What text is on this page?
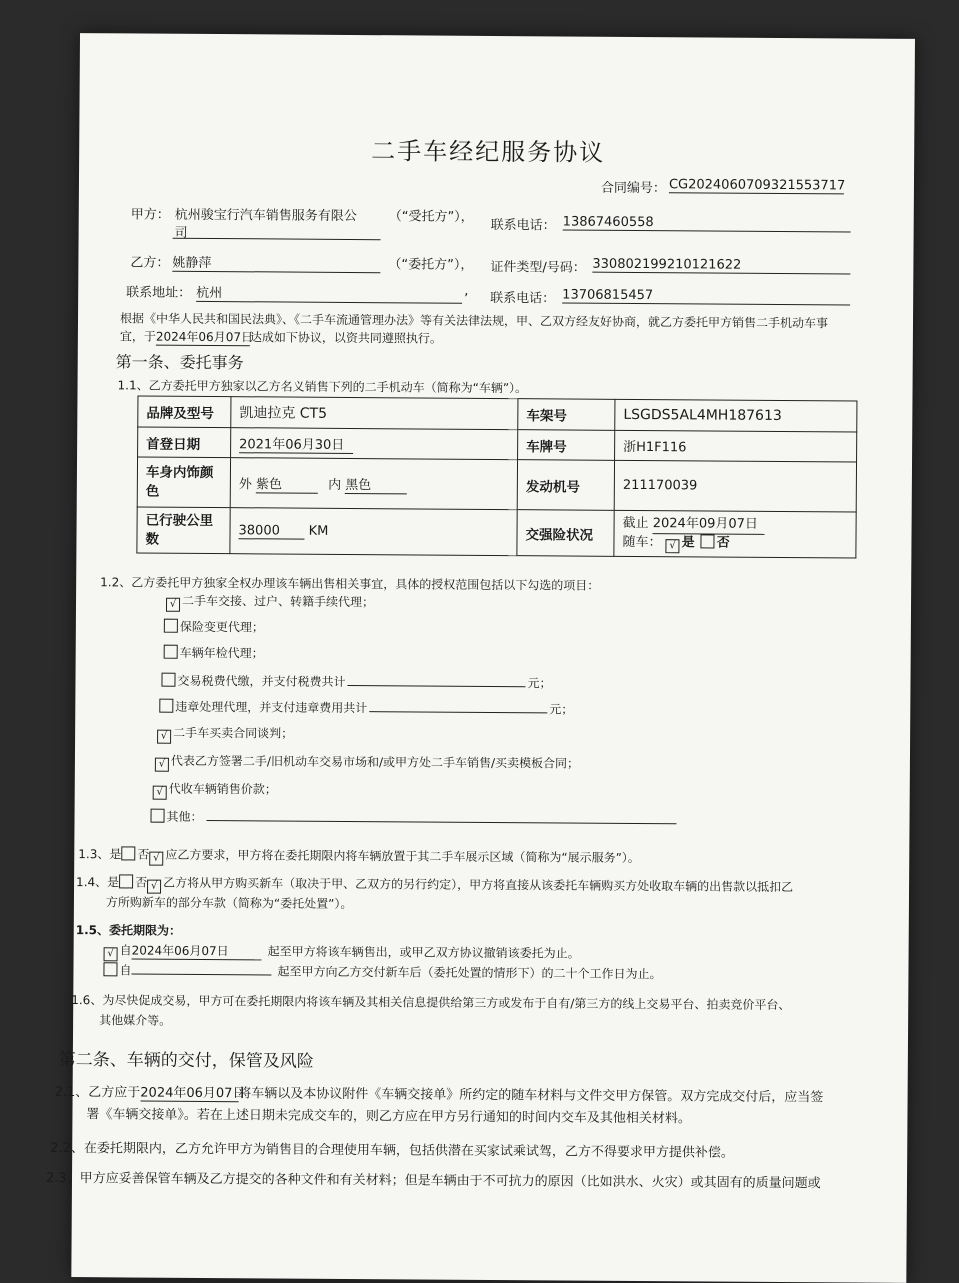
二手车经纪服务协议
合同编号： CG2024060709321553717
甲方： 杭州骏宝行汽车销售服务有限公
司
（“受托方”），
联系电话： 13867460558
乙方： 姚静萍	（“委托方”）， 证件类型/号码： 330802199210121622
联系地址： 杭州	, 联系电话： 13706815457
根据《中华人民共和国民法典》、《二手车流通管理办法》等有关法律法规，甲、乙双方经友好协商，就乙方委托甲方销售二手机动车事
宜，于2024年06月07日达成如下协议，以资共同遵照执行。
第一条、委托事务
1.1、乙方委托甲方独家以乙方名义销售下列的二手机动车（简称为“车辆”）。
品牌及型号	凯迪拉克 CT5	车架号	LSGDS5AL4MH187613
首登日期	2021年06月30日	车牌号	浙H1F116
车身内饰颜色	外 紫色 内 黑色	发动机号	211170039
已行驶公里数	38000 KM	交强险状况	截止 2024年09月07日
随车： √ 是 否
1.2、乙方委托甲方独家全权办理该车辆出售相关事宜，具体的授权范围包括以下勾选的项目：
√ 二手车交接、过户、转籍手续代理；
保险变更代理；
车辆年检代理；
交易税费代缴，并支付税费共计	元；
违章处理代理，并支付违章费用共计	元；
√ 二手车买卖合同谈判；
√ 代表乙方签署二手/旧机动车交易市场和/或甲方处二手车销售/买卖模板合同；
√ 代收车辆销售价款；
其他：
1.3、是 否 √ 应乙方要求，甲方将在委托期限内将车辆放置于其二手车展示区域（简称为“展示服务”）。
1.4、是 否 √ 乙方将从甲方购买新车（取决于甲、乙双方的另行约定），甲方将直接从该委托车辆购买方处收取车辆的出售款以抵扣乙
方所购新车的部分车款（简称为“委托处置”）。
1.5、委托期限为：
√ 自2024年06月07日	起至甲方将该车辆售出，或甲乙双方协议撤销该委托为止。
自	起至甲方向乙方交付新车后（委托处置的情形下）的二十个工作日为止。
1.6、为尽快促成交易，甲方可在委托期限内将该车辆及其相关信息提供给第三方或发布于自有/第三方的线上交易平台、拍卖竞价平台、
其他媒介等。
第二条、车辆的交付，保管及风险
2.1、乙方应于2024年06月07日将车辆以及本协议附件《车辆交接单》所约定的随车材料与文件交甲方保管。双方完成交付后，应当签
署《车辆交接单》。若在上述日期未完成交车的，则乙方应在甲方另行通知的时间内交车及其他相关材料。
2.2、在委托期限内，乙方允许甲方为销售目的合理使用车辆，包括供潜在买家试乘试驾，乙方不得要求甲方提供补偿。
2.3、甲方应妥善保管车辆及乙方提交的各种文件和有关材料；但是车辆由于不可抗力的原因（比如洪水、火灾）或其固有的质量问题或
